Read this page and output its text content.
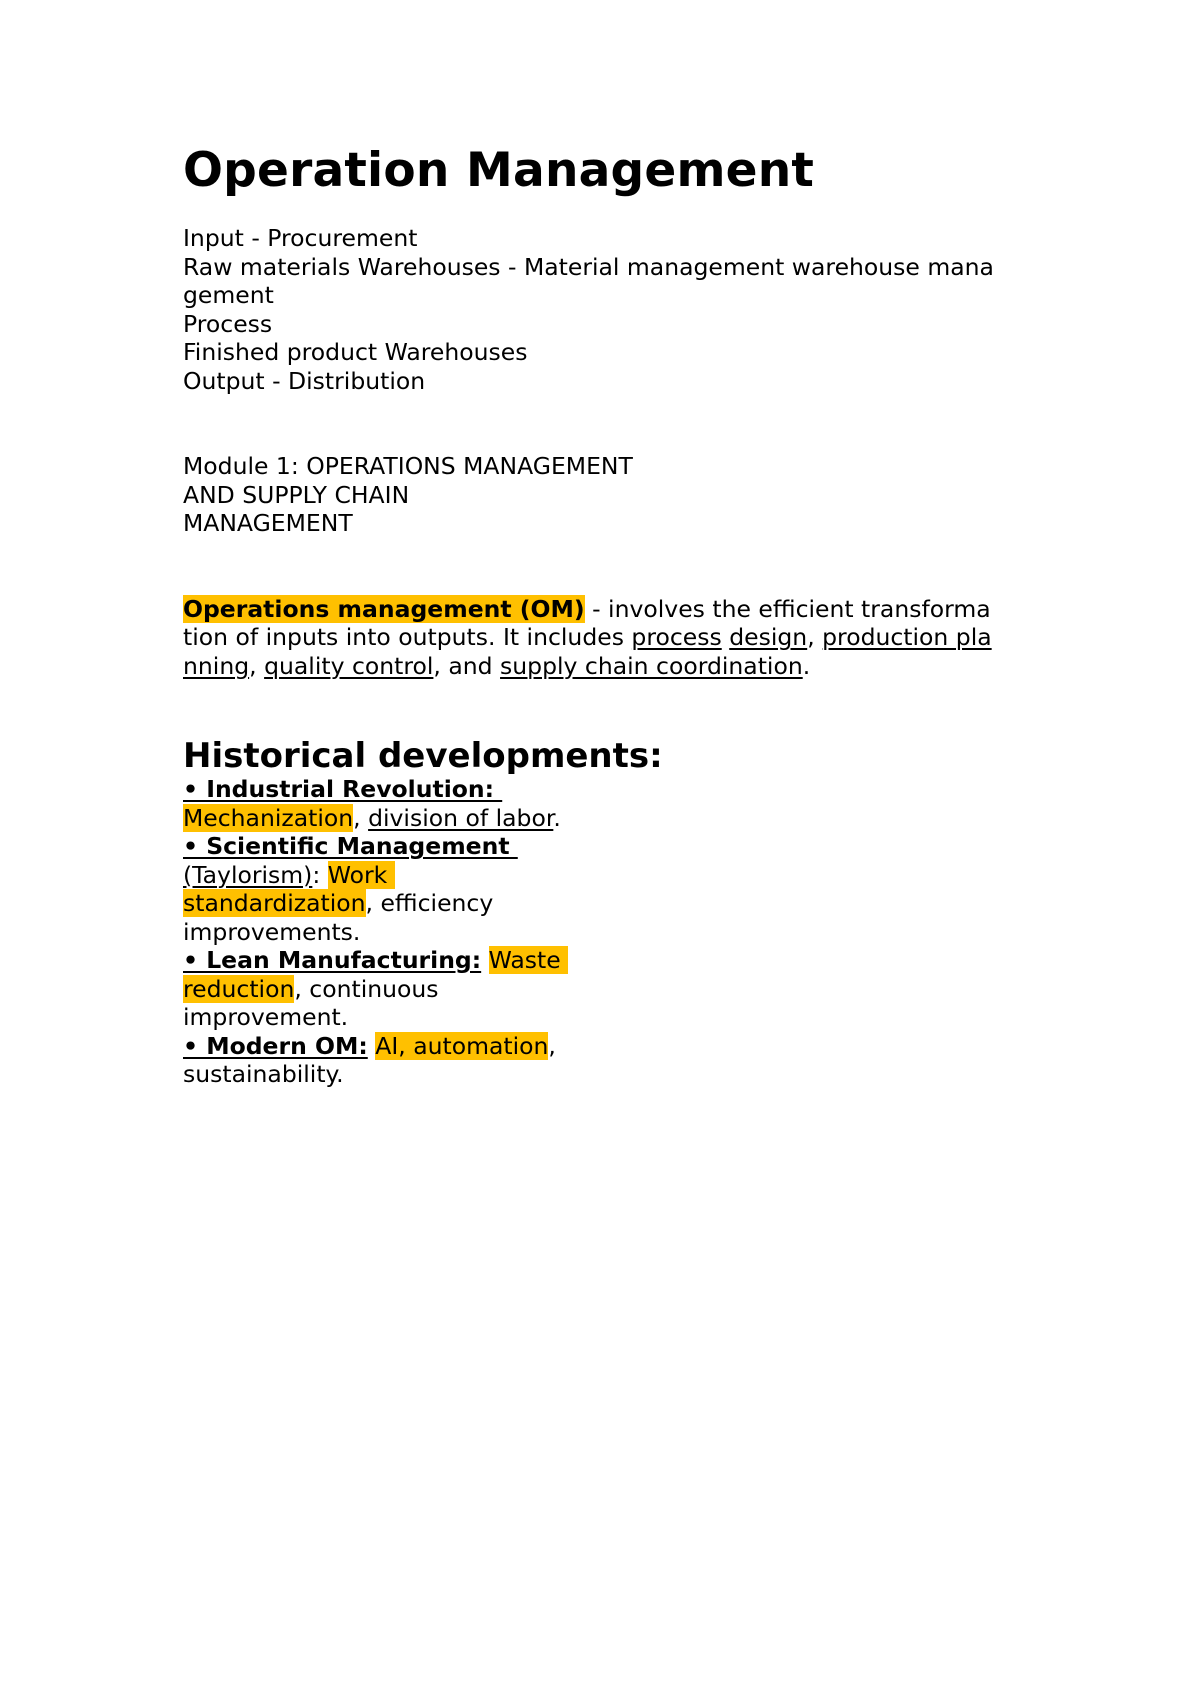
Operation Management
Input - Procurement
Raw materials Warehouses - Material management warehouse mana
gement
Process
Finished product Warehouses
Output - Distribution
Module 1: OPERATIONS MANAGEMENT
AND SUPPLY CHAIN
MANAGEMENT
Operations management (OM) - involves the efficient transforma
tion of inputs into outputs. It includes process design, production pla
nning, quality control, and supply chain coordination.
Historical developments:
• Industrial Revolution:
Mechanization, division of labor.
• Scientific Management
(Taylorism): Work
standardization, efficiency
improvements.
• Lean Manufacturing: Waste
reduction, continuous
improvement.
• Modern OM: AI, automation,
sustainability.
